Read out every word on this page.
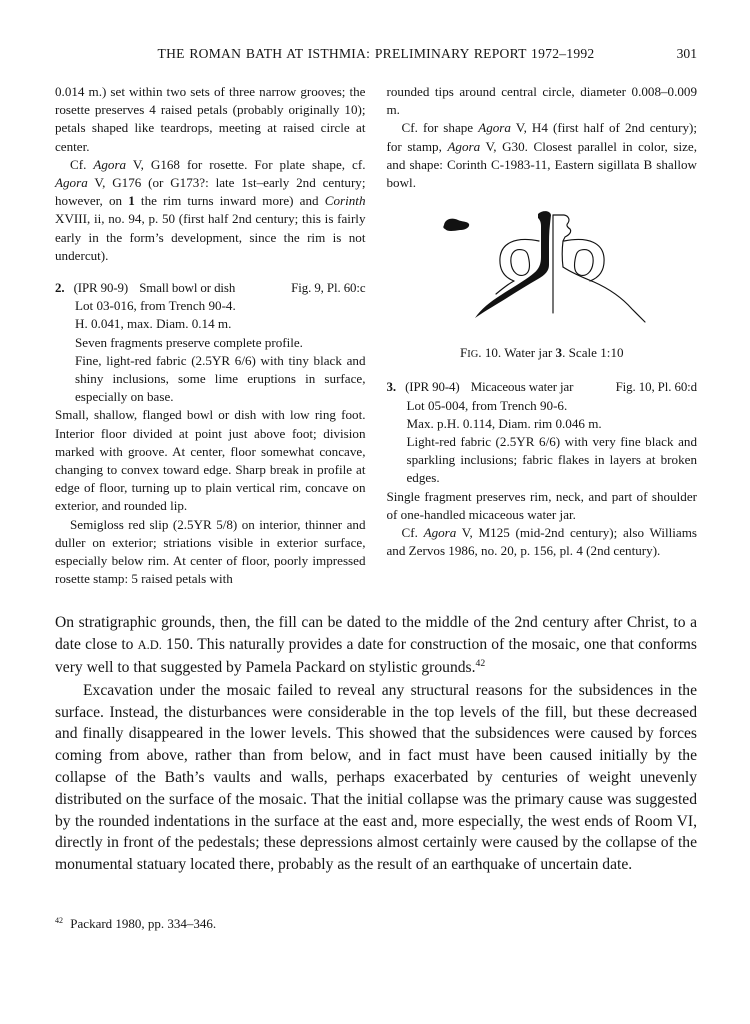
THE ROMAN BATH AT ISTHMIA: PRELIMINARY REPORT 1972–1992	301

0.014 m.) set within two sets of three narrow grooves; the rosette preserves 4 raised petals (probably originally 10); petals shaped like teardrops, meeting at raised circle at center.

Cf. Agora V, G168 for rosette. For plate shape, cf. Agora V, G176 (or G173?: late 1st–early 2nd century; however, on 1 the rim turns inward more) and Corinth XVIII, ii, no. 94, p. 50 (first half 2nd century; this is fairly early in the form’s development, since the rim is not undercut).

2. (IPR 90-9) Small bowl or dish	Fig. 9, Pl. 60:c

Lot 03-016, from Trench 90-4.

H. 0.041, max. Diam. 0.14 m.

Seven fragments preserve complete profile.

Fine, light-red fabric (2.5YR 6/6) with tiny black and shiny inclusions, some lime eruptions in surface, especially on base.

Small, shallow, flanged bowl or dish with low ring foot. Interior floor divided at point just above foot; division marked with groove. At center, floor somewhat concave, changing to convex toward edge. Sharp break in profile at edge of floor, turning up to plain vertical rim, concave on exterior, and rounded lip.

Semigloss red slip (2.5YR 5/8) on interior, thinner and duller on exterior; striations visible in exterior surface, especially below rim. At center of floor, poorly impressed rosette stamp: 5 raised petals with

rounded tips around central circle, diameter 0.008–0.009 m.

Cf. for shape Agora V, H4 (first half of 2nd century); for stamp, Agora V, G30. Closest parallel in color, size, and shape: Corinth C-1983-11, Eastern sigillata B shallow bowl.

FIG. 10. Water jar 3. Scale 1:10
3. (IPR 90-4) Micaceous water jar	Fig. 10, Pl. 60:d

Lot 05-004, from Trench 90-6.

Max. p.H. 0.114, Diam. rim 0.046 m.

Light-red fabric (2.5YR 6/6) with very fine black and sparkling inclusions; fabric flakes in layers at broken edges.

Single fragment preserves rim, neck, and part of shoulder of one-handled micaceous water jar.

Cf. Agora V, M125 (mid-2nd century); also Williams and Zervos 1986, no. 20, p. 156, pl. 4 (2nd century).

On stratigraphic grounds, then, the fill can be dated to the middle of the 2nd century after Christ, to a date close to A.D. 150. This naturally provides a date for construction of the mosaic, one that conforms very well to that suggested by Pamela Packard on stylistic grounds.$^{42}$

Excavation under the mosaic failed to reveal any structural reasons for the subsidences in the surface. Instead, the disturbances were considerable in the top levels of the fill, but these decreased and finally disappeared in the lower levels. This showed that the subsidences were caused by forces coming from above, rather than from below, and in fact must have been caused initially by the collapse of the Bath’s vaults and walls, perhaps exacerbated by centuries of weight unevenly distributed on the surface of the mosaic. That the initial collapse was the primary cause was suggested by the rounded indentations in the surface at the east and, more especially, the west ends of Room VI, directly in front of the pedestals; these depressions almost certainly were caused by the collapse of the monumental statuary located there, probably as the result of an earthquake of uncertain date.

$^{42}$ Packard 1980, pp. 334–346.
